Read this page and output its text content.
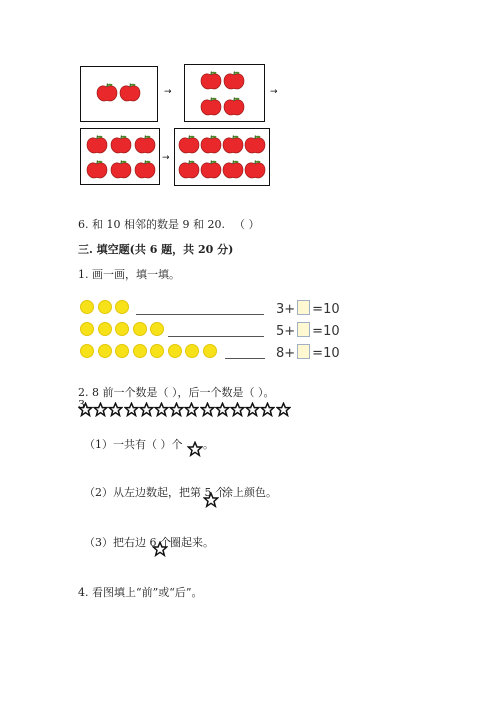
→	→
→
6. 和 10 相邻的数是 9 和 20. （ ）
三. 填空题(共 6 题，共 20 分)
1. 画一画，填一填。
3+ =10
5+ =10
8+ =10
2. 8 前一个数是（ ），后一个数是（ ）。
3.
（1）一共有（ ）个 。
（2）从左边数起，把第 5 个
涂上颜色。
（3）把右边 6 个 圈起来。
4. 看图填上“前”或“后”。
